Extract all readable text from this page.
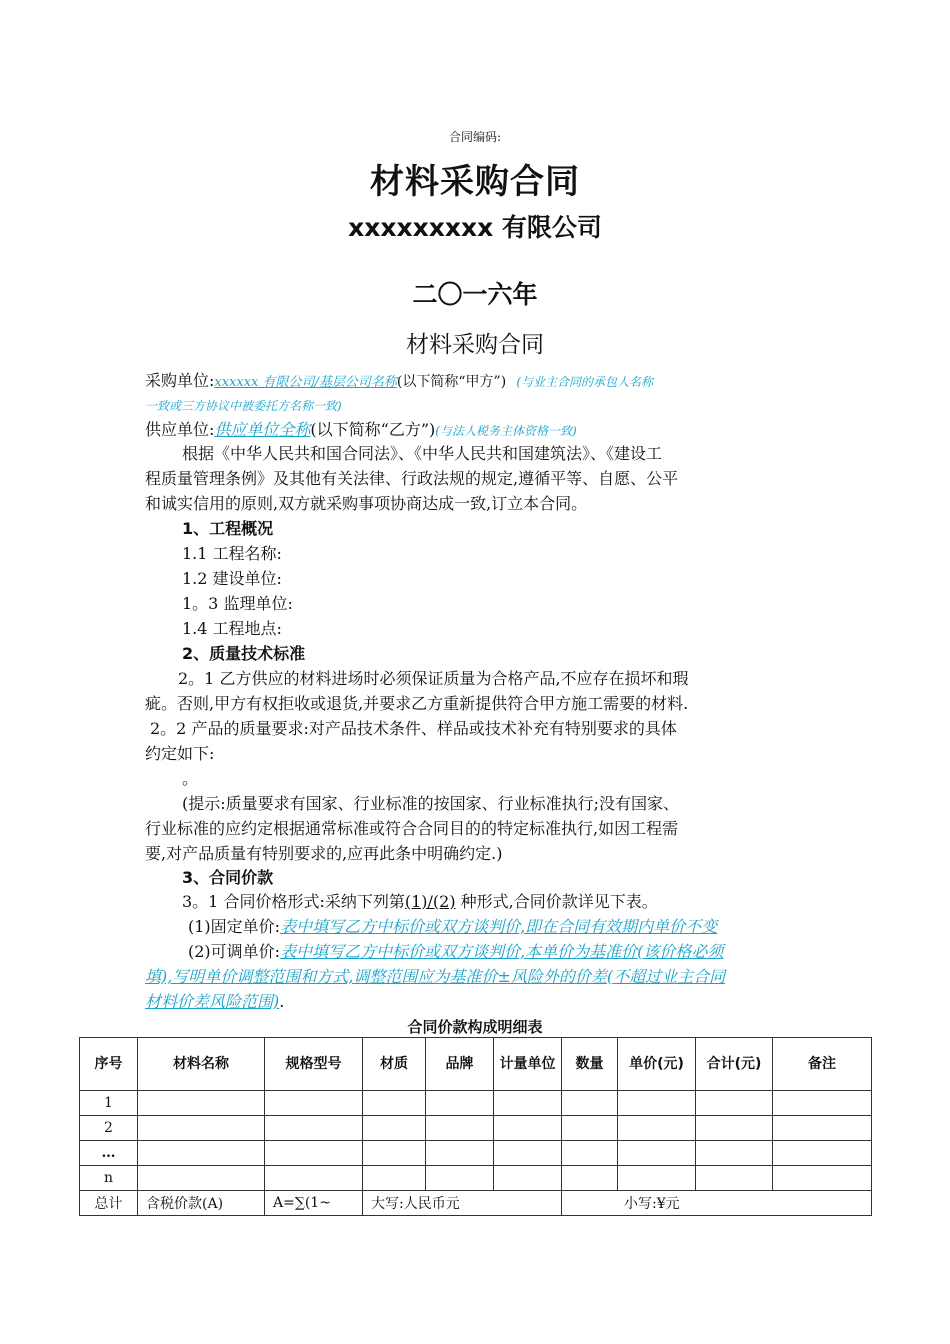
合同编码:
材料采购合同
xxxxxxxxx 有限公司
二〇一六年
材料采购合同
采购单位:xxxxxx 有限公司/基层公司名称(以下简称“甲方”) (与业主合同的承包人名称
一致或三方协议中被委托方名称一致)
供应单位:供应单位全称(以下简称“乙方”)(与法人税务主体资格一致)
根据《中华人民共和国合同法》、《中华人民共和国建筑法》、《建设工
程质量管理条例》及其他有关法律、行政法规的规定,遵循平等、自愿、公平
和诚实信用的原则,双方就采购事项协商达成一致,订立本合同。
1、工程概况
1.1 工程名称:
1.2 建设单位:
1。3 监理单位:
1.4 工程地点:
2、质量技术标准
2。1 乙方供应的材料进场时必须保证质量为合格产品,不应存在损坏和瑕
疵。否则,甲方有权拒收或退货,并要求乙方重新提供符合甲方施工需要的材料.
2。2 产品的质量要求:对产品技术条件、样品或技术补充有特别要求的具体
约定如下:
。
(提示:质量要求有国家、行业标准的按国家、行业标准执行;没有国家、
行业标准的应约定根据通常标准或符合合同目的的特定标准执行,如因工程需
要,对产品质量有特别要求的,应再此条中明确约定.)
3、合同价款
3。1 合同价格形式:采纳下列第(1)/(2) 种形式,合同价款详见下表。
(1)固定单价:表中填写乙方中标价或双方谈判价,即在合同有效期内单价不变
(2)可调单价:表中填写乙方中标价或双方谈判价,本单价为基准价(该价格必须
填),写明单价调整范围和方式,调整范围应为基准价±风险外的价差(不超过业主合同
材料价差风险范围).
合同价款构成明细表
序号	材料名称	规格型号	材质	品牌	计量单位	数量	单价(元)	合计(元)	备注
1									
2									
…									
n									
总计	含税价款(A)	A=∑(1~	大写:人民币元			小写:¥元			
